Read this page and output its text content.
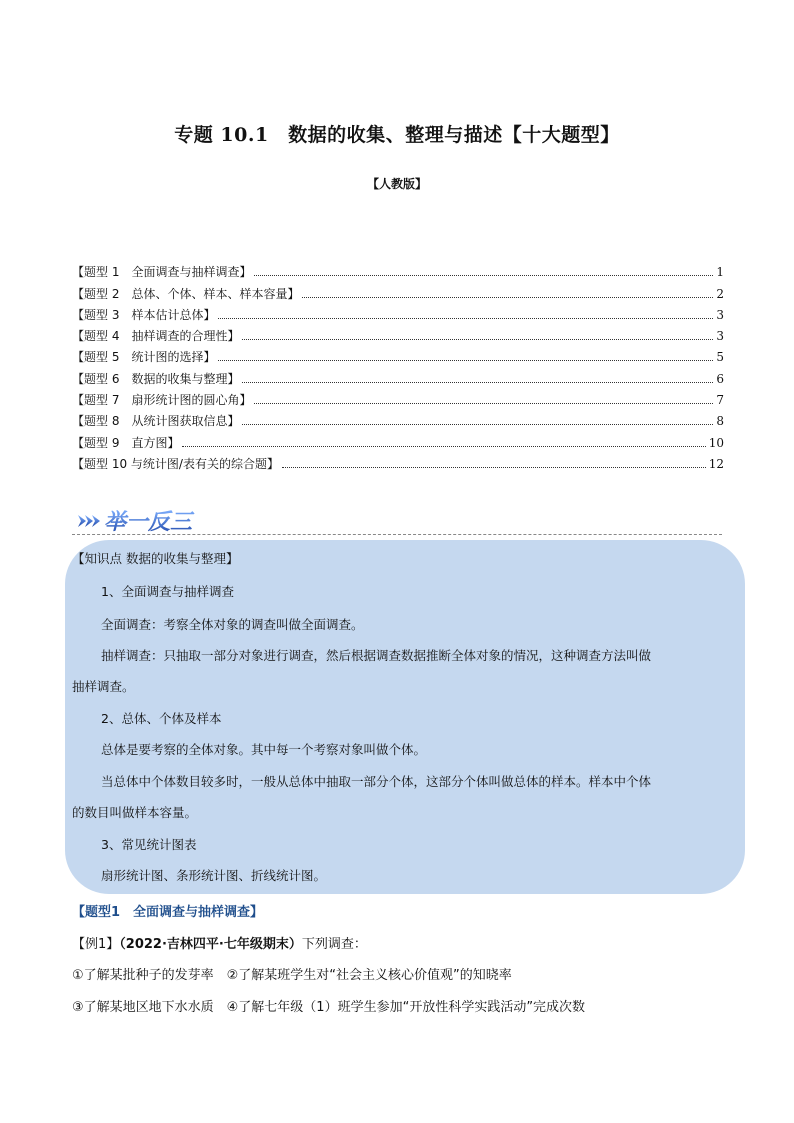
专题 10.1　数据的收集、整理与描述【十大题型】
【人教版】
【题型 1　全面调查与抽样调查】	1
【题型 2　总体、个体、样本、样本容量】	2
【题型 3　样本估计总体】	3
【题型 4　抽样调查的合理性】	3
【题型 5　统计图的选择】	5
【题型 6　数据的收集与整理】	6
【题型 7　扇形统计图的圆心角】	7
【题型 8　从统计图获取信息】	8
【题型 9　直方图】	10
【题型 10 与统计图/表有关的综合题】	12
举一反三
【知识点 数据的收集与整理】
1、全面调查与抽样调查
全面调查：考察全体对象的调查叫做全面调查。
抽样调查：只抽取一部分对象进行调查，然后根据调查数据推断全体对象的情况，这种调查方法叫做
抽样调查。
2、总体、个体及样本
总体是要考察的全体对象。其中每一个考察对象叫做个体。
当总体中个体数目较多时，一般从总体中抽取一部分个体，这部分个体叫做总体的样本。样本中个体
的数目叫做样本容量。
3、常见统计图表
扇形统计图、条形统计图、折线统计图。
【题型1　全面调查与抽样调查】
【例1】（2022·吉林四平·七年级期末）下列调查：
①了解某批种子的发芽率　②了解某班学生对“社会主义核心价值观”的知晓率
③了解某地区地下水水质　④了解七年级（1）班学生参加“开放性科学实践活动”完成次数
